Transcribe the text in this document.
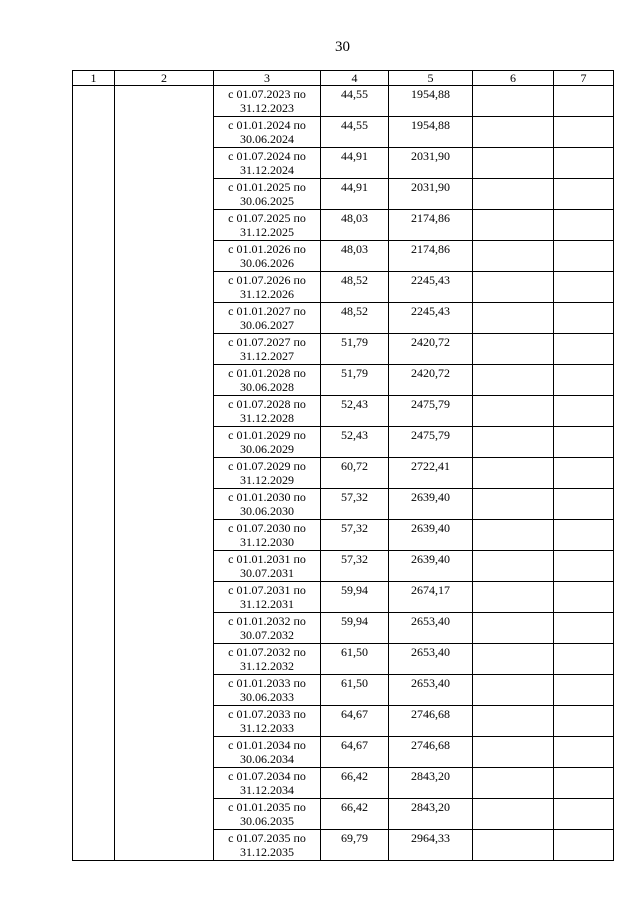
30
1	2	3	4	5	6	7

		с 01.07.2023 по
31.12.2023	44,55	1954,88		

		с 01.01.2024 по
30.06.2024	44,55	1954,88		

		с 01.07.2024 по
31.12.2024	44,91	2031,90		

		с 01.01.2025 по
30.06.2025	44,91	2031,90		

		с 01.07.2025 по
31.12.2025	48,03	2174,86		

		с 01.01.2026 по
30.06.2026	48,03	2174,86		

		с 01.07.2026 по
31.12.2026	48,52	2245,43		

		с 01.01.2027 по
30.06.2027	48,52	2245,43		

		с 01.07.2027 по
31.12.2027	51,79	2420,72		

		с 01.01.2028 по
30.06.2028	51,79	2420,72		

		с 01.07.2028 по
31.12.2028	52,43	2475,79		

		с 01.01.2029 по
30.06.2029	52,43	2475,79		

		с 01.07.2029 по
31.12.2029	60,72	2722,41		

		с 01.01.2030 по
30.06.2030	57,32	2639,40		

		с 01.07.2030 по
31.12.2030	57,32	2639,40		

		с 01.01.2031 по
30.07.2031	57,32	2639,40		

		с 01.07.2031 по
31.12.2031	59,94	2674,17		

		с 01.01.2032 по
30.07.2032	59,94	2653,40		

		с 01.07.2032 по
31.12.2032	61,50	2653,40		

		с 01.01.2033 по
30.06.2033	61,50	2653,40		

		с 01.07.2033 по
31.12.2033	64,67	2746,68		

		с 01.01.2034 по
30.06.2034	64,67	2746,68		

		с 01.07.2034 по
31.12.2034	66,42	2843,20		

		с 01.01.2035 по
30.06.2035	66,42	2843,20		

		с 01.07.2035 по
31.12.2035	69,79	2964,33		
